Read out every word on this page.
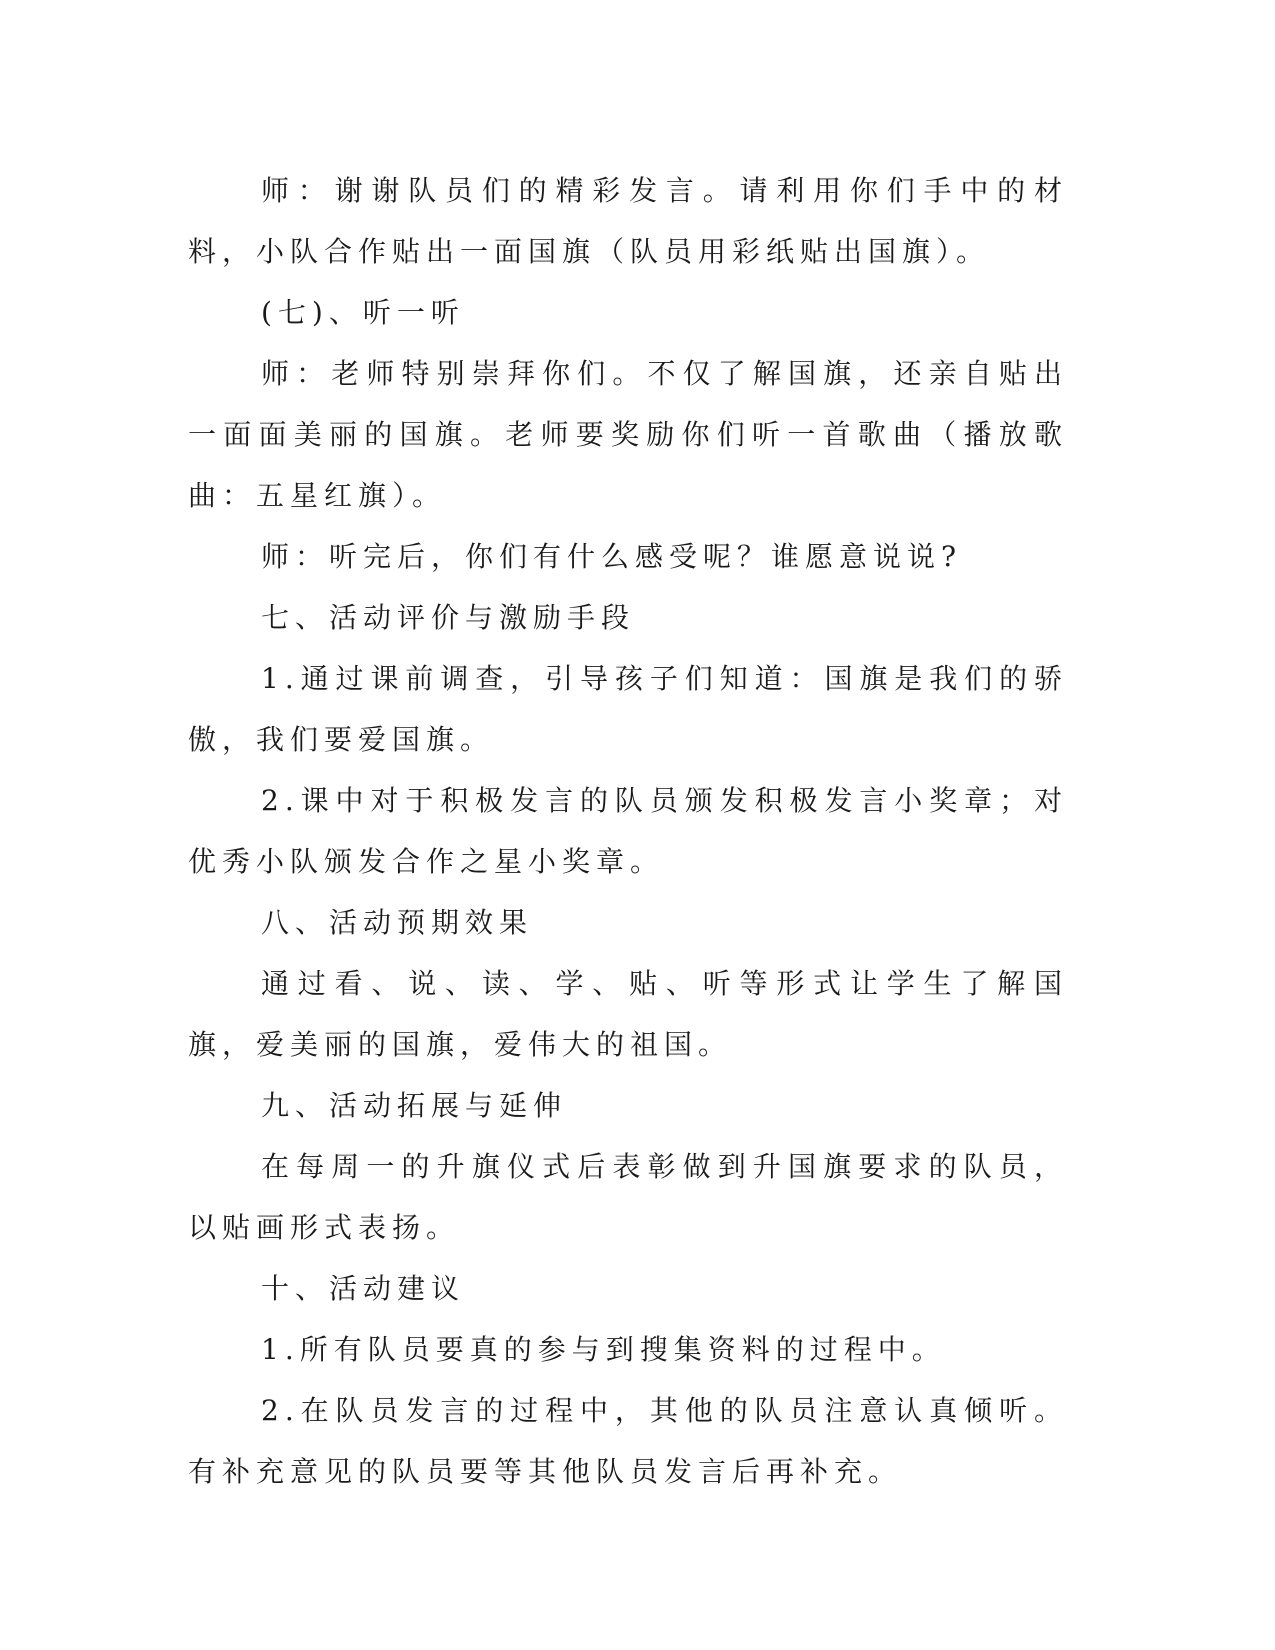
师：谢谢队员们的精彩发言。请利用你们手中的材料，小队合作贴出一面国旗（队员用彩纸贴出国旗）。

(七)、听一听

师：老师特别崇拜你们。不仅了解国旗，还亲自贴出一面面美丽的国旗。老师要奖励你们听一首歌曲（播放歌曲：五星红旗）。

师：听完后，你们有什么感受呢？谁愿意说说?

七、活动评价与激励手段

1.通过课前调查，引导孩子们知道：国旗是我们的骄傲，我们要爱国旗。

2.课中对于积极发言的队员颁发积极发言小奖章；对优秀小队颁发合作之星小奖章。

八、活动预期效果

通过看、说、读、学、贴、听等形式让学生了解国旗，爱美丽的国旗，爱伟大的祖国。

九、活动拓展与延伸

在每周一的升旗仪式后表彰做到升国旗要求的队员，以贴画形式表扬。

十、活动建议

1.所有队员要真的参与到搜集资料的过程中。

2.在队员发言的过程中，其他的队员注意认真倾听。有补充意见的队员要等其他队员发言后再补充。
